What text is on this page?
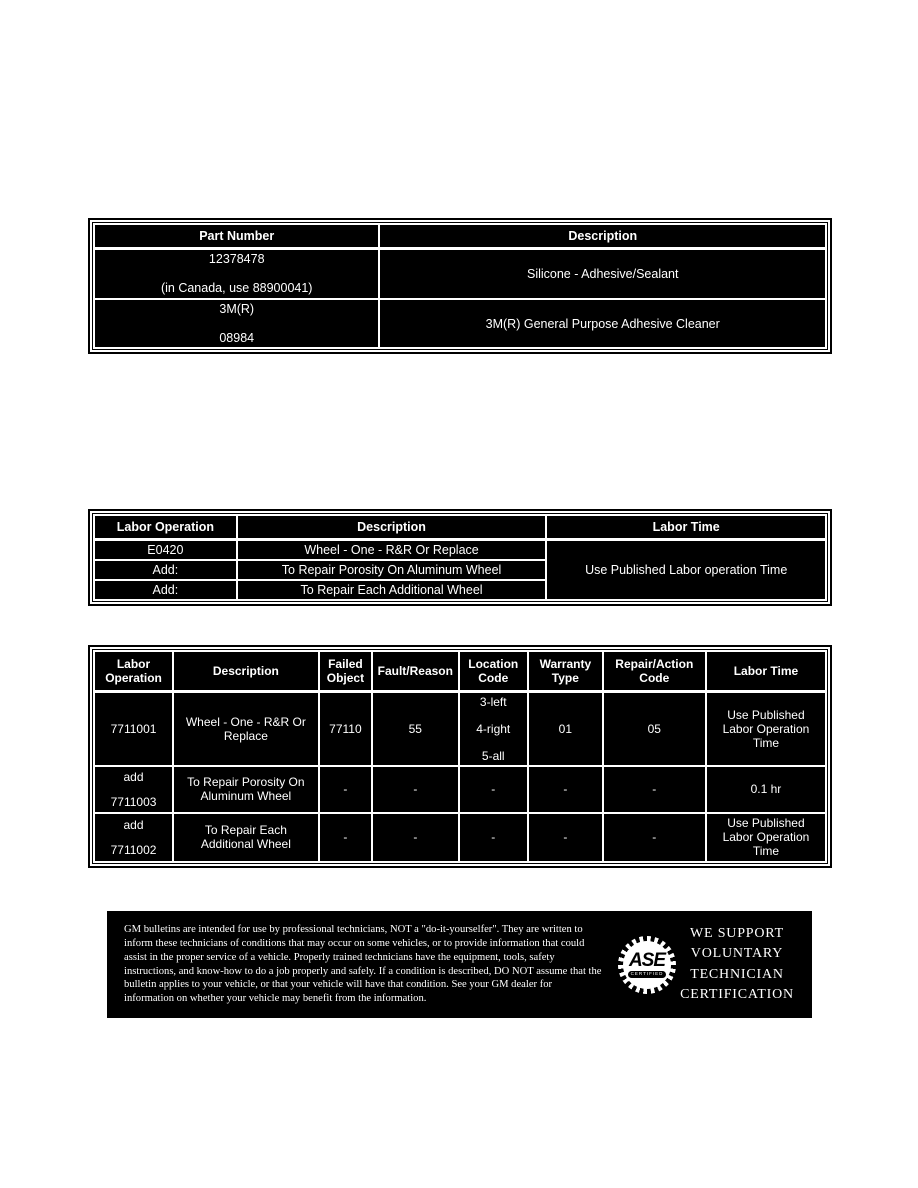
Part Number	Description

12378478
(in Canada, use 88900041)	Silicone - Adhesive/Sealant

3M(R)
08984	3M(R) General Purpose Adhesive Cleaner
Labor Operation	Description	Labor Time
E0420	Wheel - One - R&R Or Replace	Use Published Labor operation Time
Add:	To Repair Porosity On Aluminum Wheel	
Add:	To Repair Each Additional Wheel	
Labor Operation	Description	Failed Object	Fault/Reason	Location Code	Warranty Type	Repair/Action Code	Labor Time
7711001	Wheel - One - R&R Or Replace	77110	55	3-left
4-right
5-all	01	05	Use Published Labor Operation Time

add
7711003	To Repair Porosity On Aluminum Wheel	-	-	-	-	-	0.1 hr

add
7711002	To Repair Each Additional Wheel	-	-	-	-	-	Use Published Labor Operation Time
GM bulletins are intended for use by professional technicians, NOT a "do-it-yourselfer". They are written to inform these technicians of conditions that may occur on some vehicles, or to provide information that could assist in the proper service of a vehicle. Properly trained technicians have the equipment, tools, safety instructions, and know-how to do a job properly and safely. If a condition is described, DO NOT assume that the bulletin applies to your vehicle, or that your vehicle will have that condition. See your GM dealer for information on whether your vehicle may benefit from the information.
ASE
CERTIFIED
WE SUPPORT
VOLUNTARY
TECHNICIAN
CERTIFICATION
